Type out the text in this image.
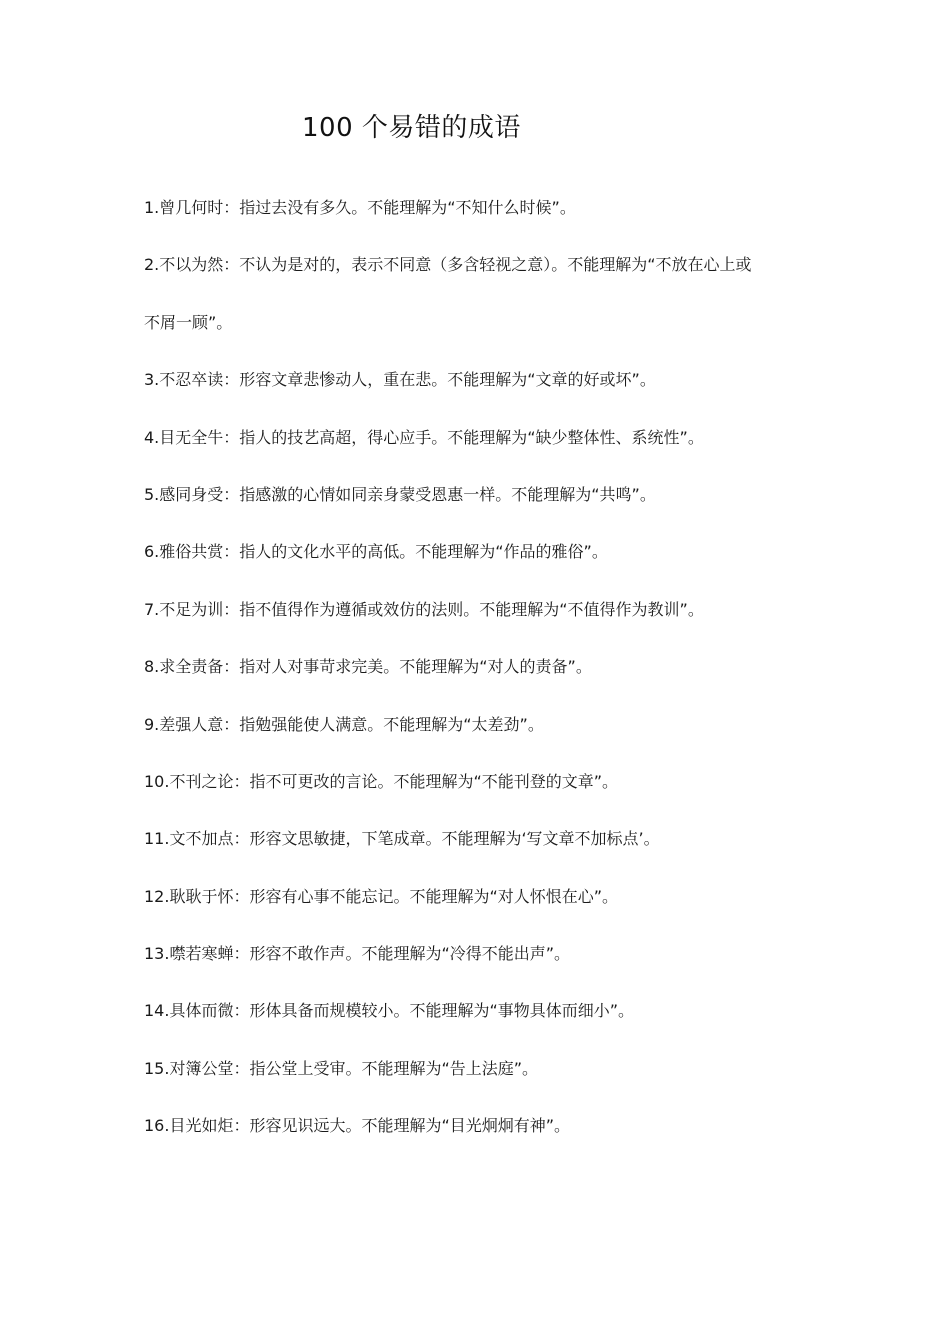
100 个易错的成语

1.曾几何时：指过去没有多久。不能理解为“不知什么时候”。

2.不以为然：不认为是对的，表示不同意（多含轻视之意）。不能理解为“不放在心上或
不屑一顾”。

3.不忍卒读：形容文章悲惨动人，重在悲。不能理解为“文章的好或坏”。

4.目无全牛：指人的技艺高超，得心应手。不能理解为“缺少整体性、系统性”。

5.感同身受：指感激的心情如同亲身蒙受恩惠一样。不能理解为“共鸣”。

6.雅俗共赏：指人的文化水平的高低。不能理解为“作品的雅俗”。

7.不足为训：指不值得作为遵循或效仿的法则。不能理解为“不值得作为教训”。

8.求全责备：指对人对事苛求完美。不能理解为“对人的责备”。

9.差强人意：指勉强能使人满意。不能理解为“太差劲”。

10.不刊之论：指不可更改的言论。不能理解为“不能刊登的文章”。

11.文不加点：形容文思敏捷，下笔成章。不能理解为‘写文章不加标点’。

12.耿耿于怀：形容有心事不能忘记。不能理解为“对人怀恨在心”。

13.噤若寒蝉：形容不敢作声。不能理解为“冷得不能出声”。

14.具体而微：形体具备而规模较小。不能理解为“事物具体而细小”。

15.对簿公堂：指公堂上受审。不能理解为“告上法庭”。

16.目光如炬：形容见识远大。不能理解为“目光炯炯有神”。
